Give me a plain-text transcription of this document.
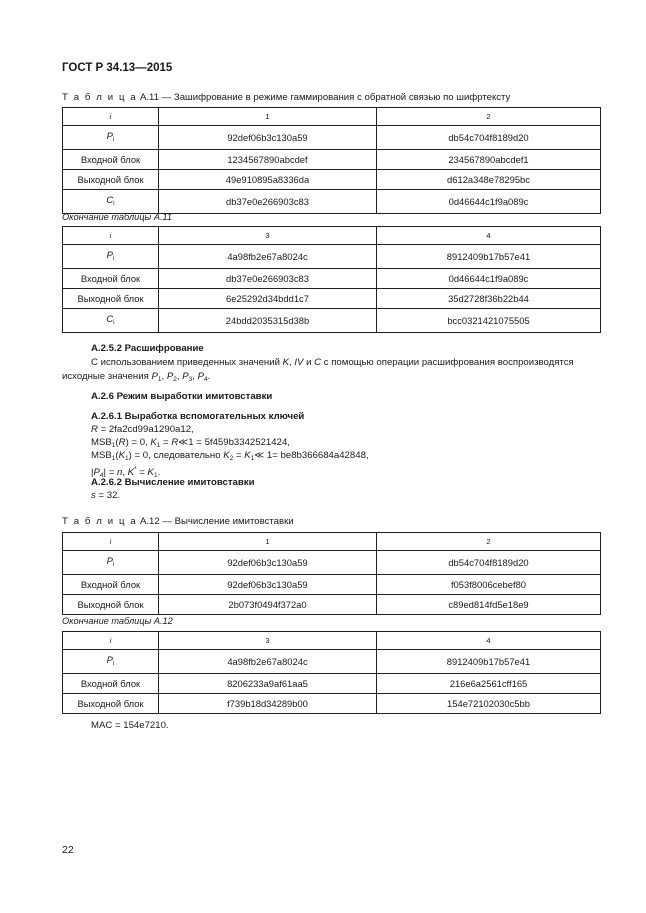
ГОСТ Р 34.13—2015
Т а б л и ц а A.11 — Зашифрование в режиме гаммирования с обратной связью по шифртексту
i	1	2
$P_i$	92def06b3c130a59	db54c704f8189d20
Входной блок	1234567890abcdef	234567890abcdef1
Выходной блок	49e910895a8336da	d612a348e78295bc
$C_i$	db37e0e266903c83	0d46644c1f9a089c
Окончание таблицы А.11
i	3	4
$P_i$	4a98fb2e67a8024c	8912409b17b57e41
Входной блок	db37e0e266903c83	0d46644c1f9a089c
Выходной блок	6e25292d34bdd1c7	35d2728f36b22b44
$C_i$	24bdd2035315d38b	bcc0321421075505
А.2.5.2 Расшифрование
С использованием приведенных значений K, IV и C с помощью операции расшифрования воспроизводятся
исходные значения $P_1$, $P_2$, $P_3$, $P_4$.
А.2.6 Режим выработки имитовставки
А.2.6.1 Выработка вспомогательных ключей
R = 2fa2cd99a1290a12,
$MSB_1(R) = 0$, $K_1$ = R≪1 = 5f459b3342521424,
$MSB_1(K_1) = 0$, следовательно $K_2$ = $K_1≪$ 1= be8b366684a42848,
$|P_4| = n$, $K^* = K_1$.
А.2.6.2 Вычисление имитовставки
s = 32.
Т а б л и ц а A.12 — Вычисление имитовставки
i	1	2
$P_i$	92def06b3c130a59	db54c704f8189d20
Входной блок	92def06b3c130a59	f053f8006cebef80
Выходной блок	2b073f0494f372a0	c89ed814fd5e18e9
Окончание таблицы А.12
i	3	4
$P_i$	4a98fb2e67a8024c	8912409b17b57e41
Входной блок	8206233a9af61aa5	216e6a2561cff165
Выходной блок	f739b18d34289b00	154e72102030c5bb
MAC = 154e7210.
22
